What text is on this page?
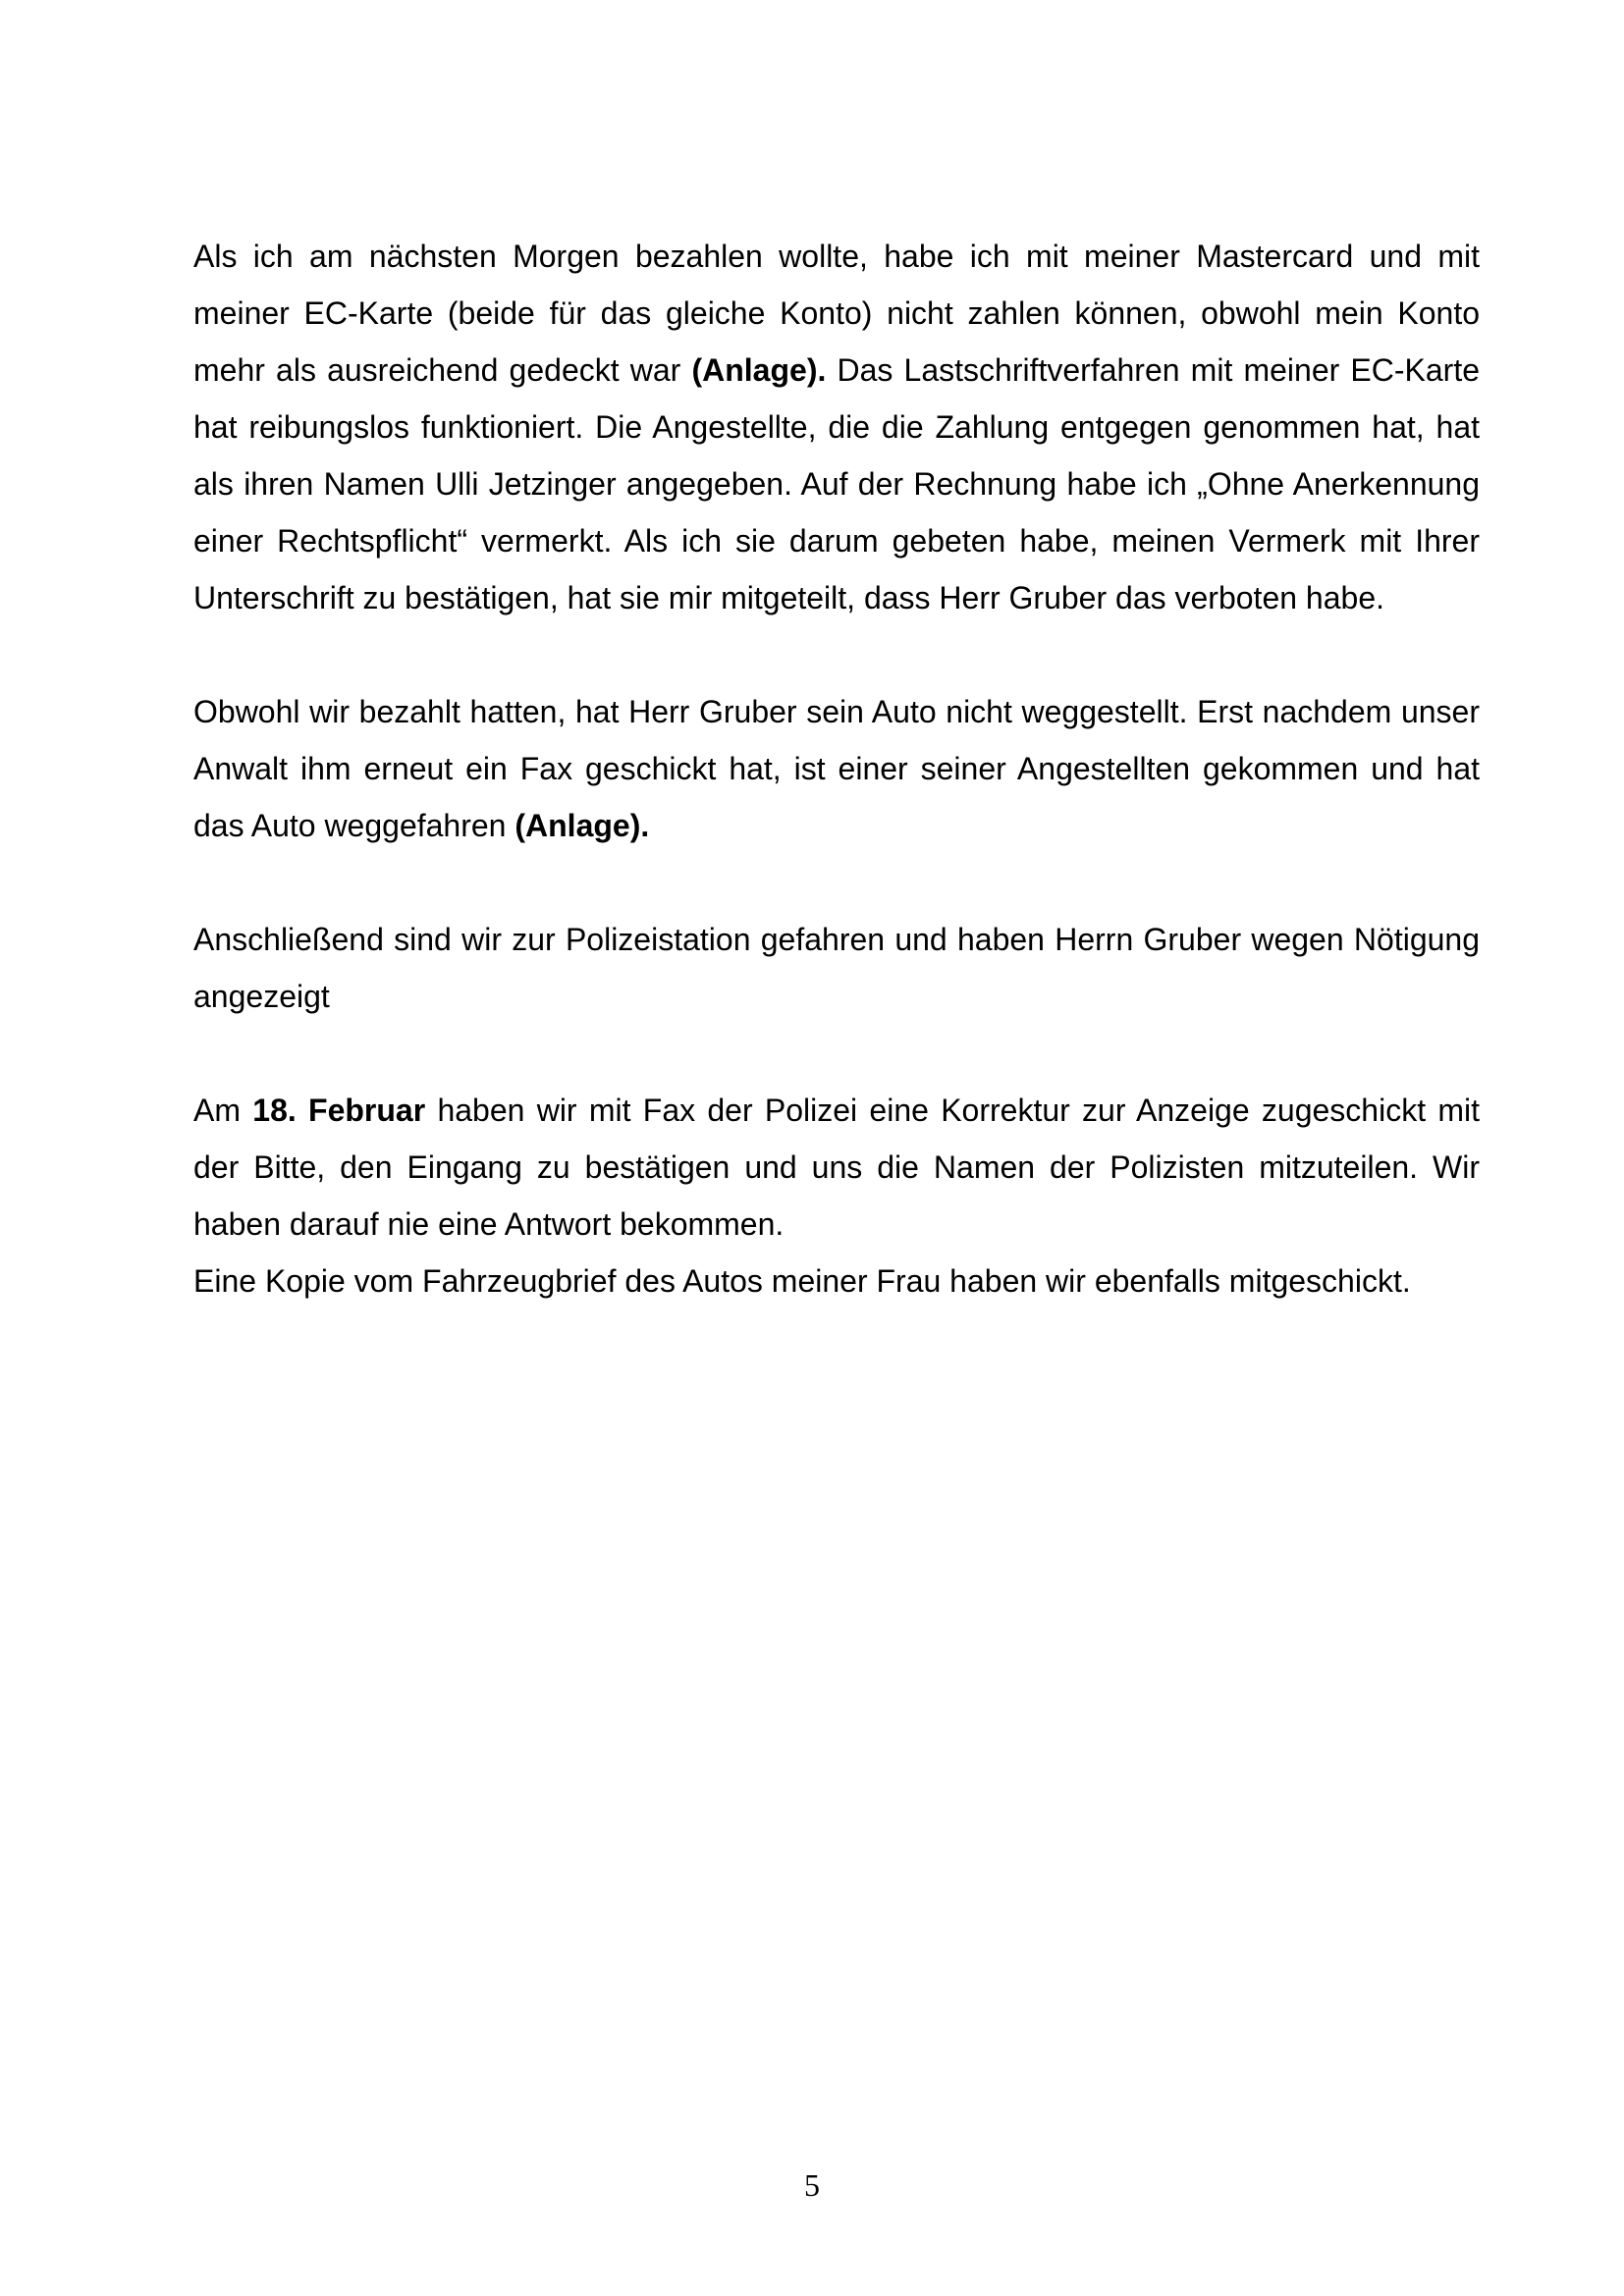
Als ich am nächsten Morgen bezahlen wollte, habe ich mit meiner Mastercard und mit meiner EC-Karte (beide für das gleiche Konto) nicht zahlen können, obwohl mein Konto mehr als ausreichend gedeckt war (Anlage). Das Lastschriftverfahren mit meiner EC-Karte hat reibungslos funktioniert. Die Angestellte, die die Zahlung entgegen genommen hat, hat als ihren Namen Ulli Jetzinger angegeben. Auf der Rechnung habe ich „Ohne Anerkennung einer Rechtspflicht“ vermerkt. Als ich sie darum gebeten habe, meinen Vermerk mit Ihrer Unterschrift zu bestätigen, hat sie mir mitgeteilt, dass Herr Gruber das verboten habe.

Obwohl wir bezahlt hatten, hat Herr Gruber sein Auto nicht weggestellt. Erst nachdem unser Anwalt ihm erneut ein Fax geschickt hat, ist einer seiner Angestellten gekommen und hat das Auto weggefahren (Anlage).

Anschließend sind wir zur Polizeistation gefahren und haben Herrn Gruber wegen Nötigung angezeigt

Am 18. Februar haben wir mit Fax der Polizei eine Korrektur zur Anzeige zugeschickt mit der Bitte, den Eingang zu bestätigen und uns die Namen der Polizisten mitzuteilen. Wir haben darauf nie eine Antwort bekommen.

Eine Kopie vom Fahrzeugbrief des Autos meiner Frau haben wir ebenfalls mitgeschickt.

5
